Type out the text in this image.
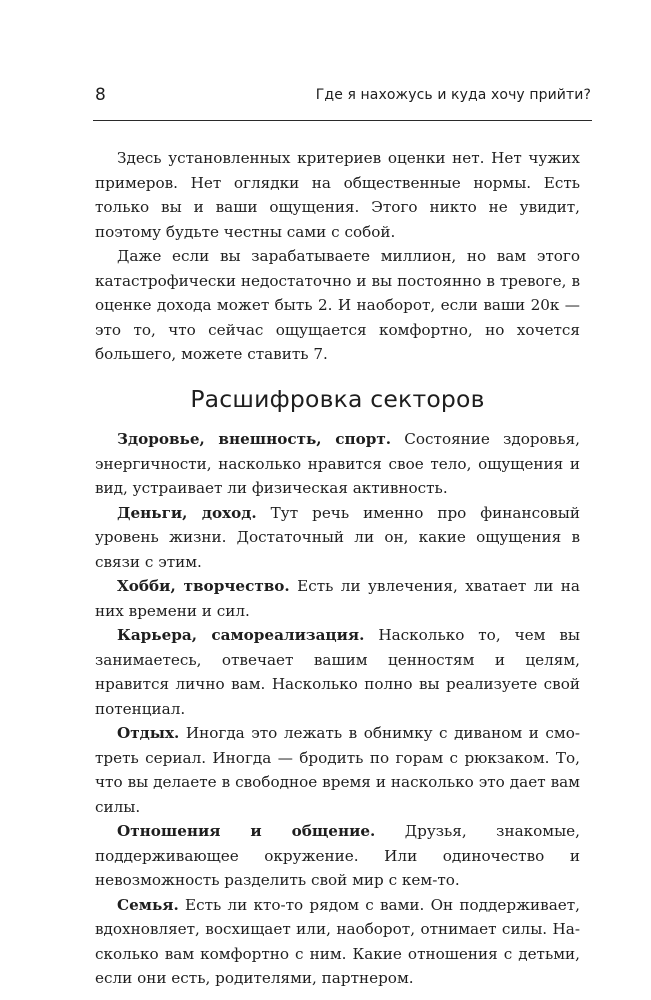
8	Где я нахожусь и куда хочу прийти?

Здесь установленных критериев оценки нет. Нет чужих примеров. Нет оглядки на общественные нормы. Есть только вы и ваши ощущения. Этого никто не увидит, поэтому будьте честны сами с собой.

Даже если вы зарабатываете миллион, но вам этого катастрофически недостаточно и вы постоянно в тревоге, в оценке дохода может быть 2. И наоборот, если ваши 20к — это то, что сейчас ощущается комфортно, но хочется большего, можете ставить 7.

Расшифровка секторов

Здоровье, внешность, спорт. Состояние здоровья, энергичности, насколько нравится свое тело, ощущения и вид, устраивает ли физическая активность.

Деньги, доход. Тут речь именно про финансовый уровень жизни. Достаточный ли он, какие ощущения в связи с этим.

Хобби, творчество. Есть ли увлечения, хватает ли на них времени и сил.

Карьера, самореализация. Насколько то, чем вы занимаетесь, отвечает вашим ценностям и целям, нравится лично вам. Насколько полно вы реализуете свой потенциал.

Отдых. Иногда это лежать в обнимку с диваном и смотреть сериал. Иногда — бродить по горам с рюкзаком. То, что вы делаете в свободное время и насколько это дает вам силы.

Отношения и общение. Друзья, знакомые, поддерживающее окружение. Или одиночество и невозможность разделить свой мир с кем-то.

Семья. Есть ли кто-то рядом с вами. Он поддерживает, вдохновляет, восхищает или, наоборот, отнимает силы. Насколько вам комфортно с ним. Какие отношения с детьми, если они есть, родителями, партнером.
